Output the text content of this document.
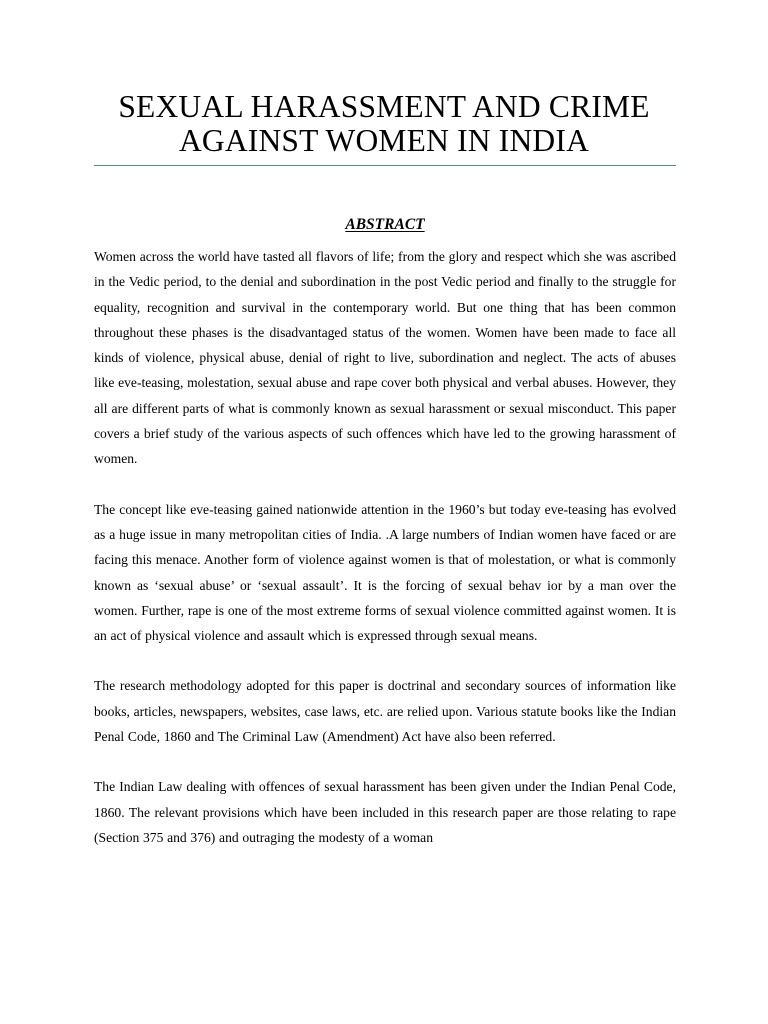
SEXUAL HARASSMENT AND CRIME
AGAINST WOMEN IN INDIA
ABSTRACT

Women across the world have tasted all flavors of life; from the glory and respect which she was ascribed in the Vedic period, to the denial and subordination in the post Vedic period and finally to the struggle for equality, recognition and survival in the contemporary world. But one thing that has been common throughout these phases is the disadvantaged status of the women. Women have been made to face all kinds of violence, physical abuse, denial of right to live, subordination and neglect. The acts of abuses like eve-teasing, molestation, sexual abuse and rape cover both physical and verbal abuses. However, they all are different parts of what is commonly known as sexual harassment or sexual misconduct. This paper covers a brief study of the various aspects of such offences which have led to the growing harassment of women.

The concept like eve-teasing gained nationwide attention in the 1960’s but today eve-teasing has evolved as a huge issue in many metropolitan cities of India. .A large numbers of Indian women have faced or are facing this menace. Another form of violence against women is that of molestation, or what is commonly known as ‘sexual abuse’ or ‘sexual assault’. It is the forcing of sexual behav ior by a man over the women. Further, rape is one of the most extreme forms of sexual violence committed against women. It is an act of physical violence and assault which is expressed through sexual means.

The research methodology adopted for this paper is doctrinal and secondary sources of information like books, articles, newspapers, websites, case laws, etc. are relied upon. Various statute books like the Indian Penal Code, 1860 and The Criminal Law (Amendment) Act have also been referred.

The Indian Law dealing with offences of sexual harassment has been given under the Indian Penal Code, 1860. The relevant provisions which have been included in this research paper are those relating to rape (Section 375 and 376) and outraging the modesty of a woman
